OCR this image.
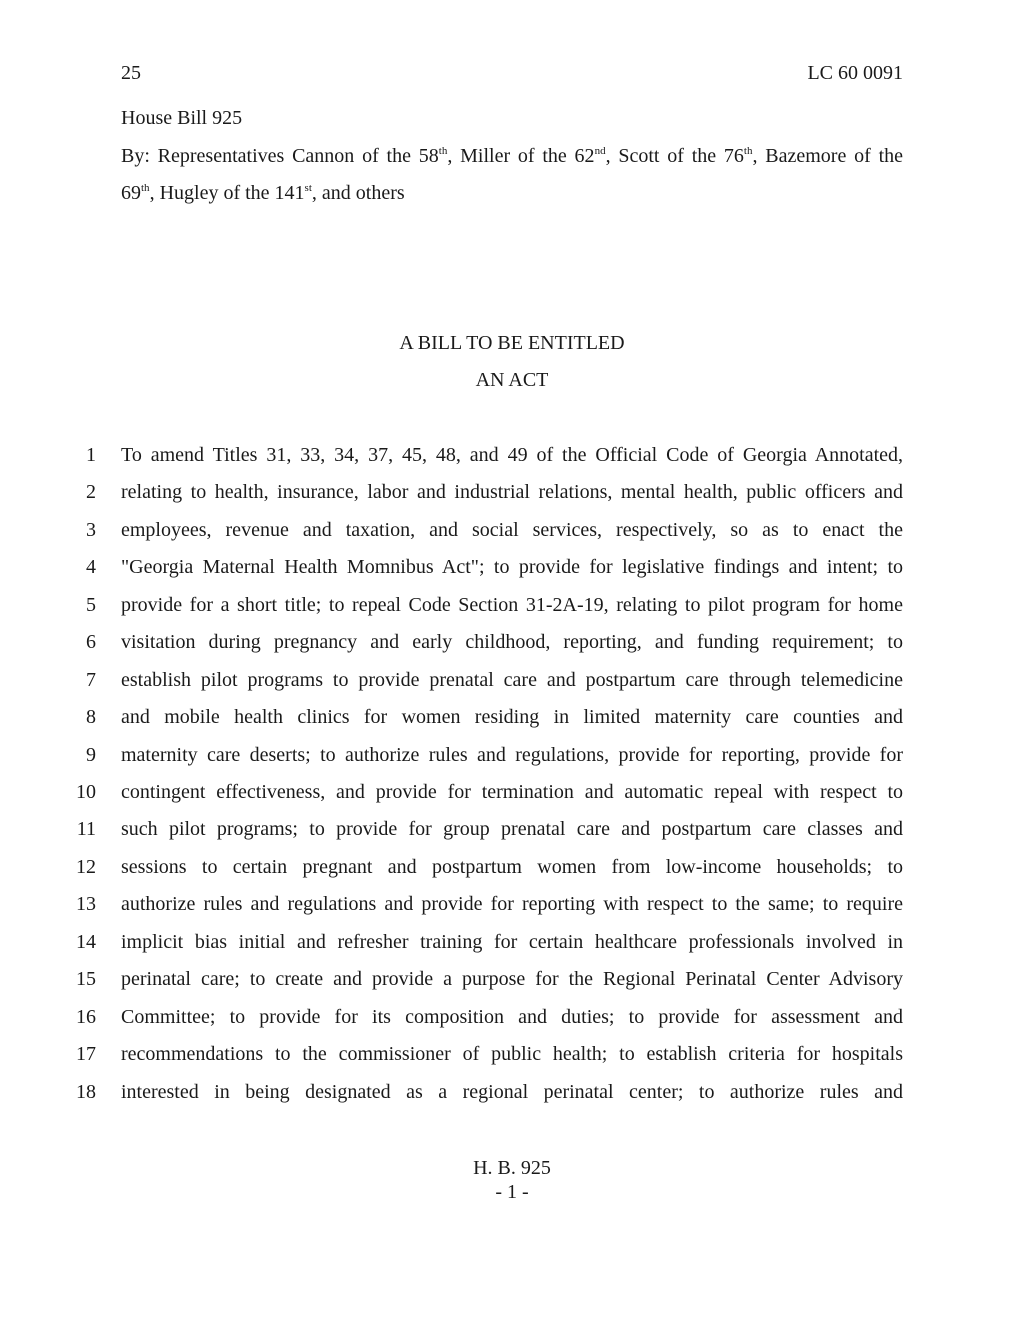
25	LC 60 0091
House Bill 925
By: Representatives Cannon of the 58th, Miller of the 62nd, Scott of the 76th, Bazemore of the
69th, Hugley of the 141st, and others
A BILL TO BE ENTITLED
AN ACT
1 To amend Titles 31, 33, 34, 37, 45, 48, and 49 of the Official Code of Georgia Annotated,
2 relating to health, insurance, labor and industrial relations, mental health, public officers and
3 employees, revenue and taxation, and social services, respectively, so as to enact the
4 "Georgia Maternal Health Momnibus Act"; to provide for legislative findings and intent; to
5 provide for a short title; to repeal Code Section 31-2A-19, relating to pilot program for home
6 visitation during pregnancy and early childhood, reporting, and funding requirement; to
7 establish pilot programs to provide prenatal care and postpartum care through telemedicine
8 and mobile health clinics for women residing in limited maternity care counties and
9 maternity care deserts; to authorize rules and regulations, provide for reporting, provide for
10 contingent effectiveness, and provide for termination and automatic repeal with respect to
11 such pilot programs; to provide for group prenatal care and postpartum care classes and
12 sessions to certain pregnant and postpartum women from low-income households; to
13 authorize rules and regulations and provide for reporting with respect to the same; to require
14 implicit bias initial and refresher training for certain healthcare professionals involved in
15 perinatal care; to create and provide a purpose for the Regional Perinatal Center Advisory
16 Committee; to provide for its composition and duties; to provide for assessment and
17 recommendations to the commissioner of public health; to establish criteria for hospitals
18 interested in being designated as a regional perinatal center; to authorize rules and
H. B. 925
- 1 -
